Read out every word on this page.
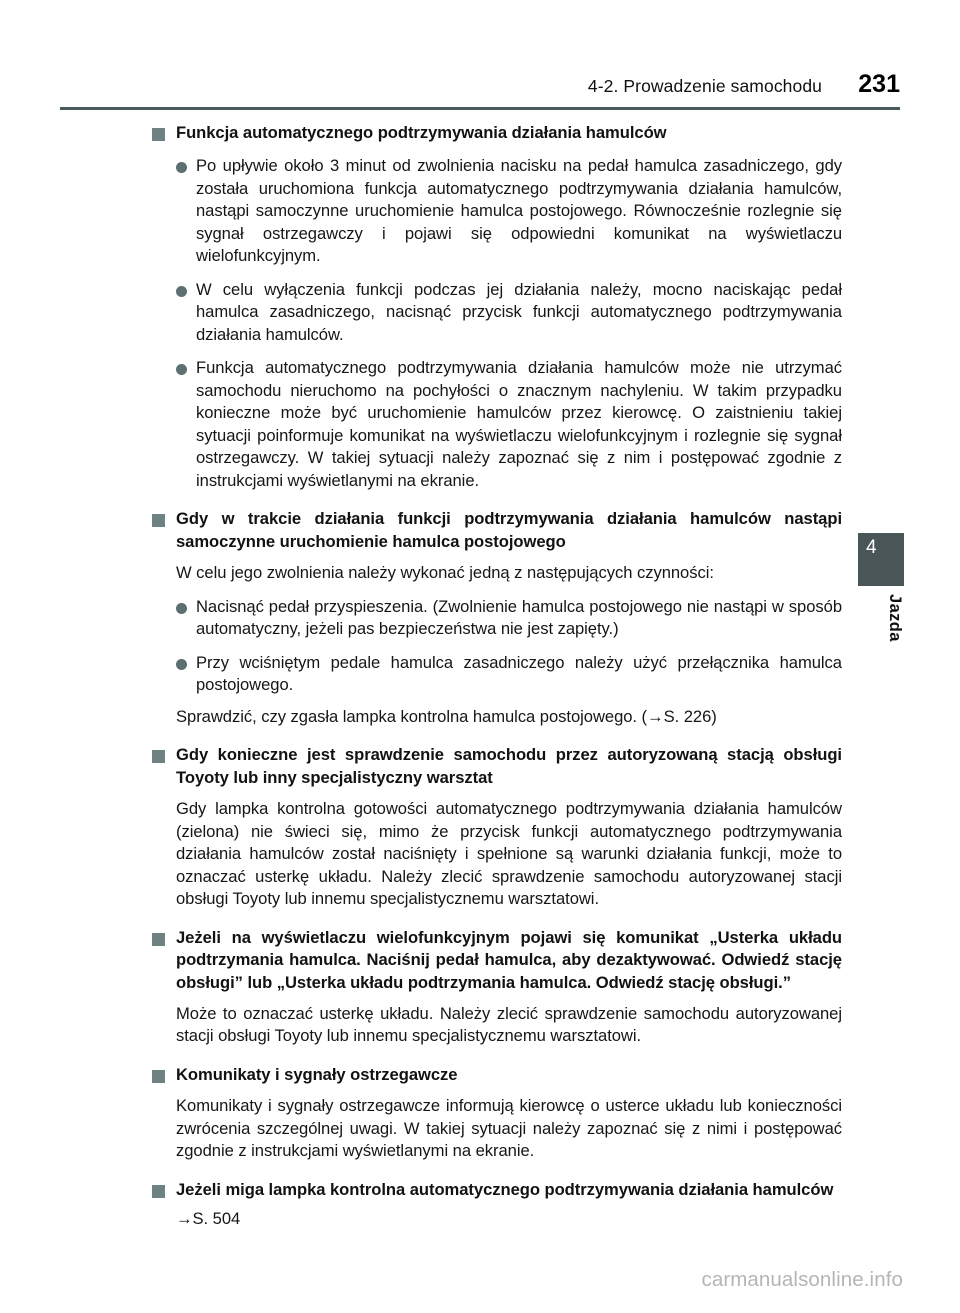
4-2. Prowadzenie samochodu	231
4
Jazda
Funkcja automatycznego podtrzymywania działania hamulców
Po upływie około 3 minut od zwolnienia nacisku na pedał hamulca zasadniczego, gdy została uruchomiona funkcja automatycznego podtrzymywania działania hamulców, nastąpi samoczynne uruchomienie hamulca postojowego. Równocześnie rozlegnie się sygnał ostrzegawczy i pojawi się odpowiedni komunikat na wyświetlaczu wielofunkcyjnym.
W celu wyłączenia funkcji podczas jej działania należy, mocno naciskając pedał hamulca zasadniczego, nacisnąć przycisk funkcji automatycznego podtrzymywania działania hamulców.
Funkcja automatycznego podtrzymywania działania hamulców może nie utrzymać samochodu nieruchomo na pochyłości o znacznym nachyleniu. W takim przypadku konieczne może być uruchomienie hamulców przez kierowcę. O zaistnieniu takiej sytuacji poinformuje komunikat na wyświetlaczu wielofunkcyjnym i rozlegnie się sygnał ostrzegawczy. W takiej sytuacji należy zapoznać się z nim i postępować zgodnie z instrukcjami wyświetlanymi na ekranie.
Gdy w trakcie działania funkcji podtrzymywania działania hamulców nastąpi samoczynne uruchomienie hamulca postojowego
W celu jego zwolnienia należy wykonać jedną z następujących czynności:
Nacisnąć pedał przyspieszenia. (Zwolnienie hamulca postojowego nie nastąpi w sposób automatyczny, jeżeli pas bezpieczeństwa nie jest zapięty.)
Przy wciśniętym pedale hamulca zasadniczego należy użyć przełącznika hamulca postojowego.
Sprawdzić, czy zgasła lampka kontrolna hamulca postojowego. (→S. 226)
Gdy konieczne jest sprawdzenie samochodu przez autoryzowaną stacją obsługi Toyoty lub inny specjalistyczny warsztat
Gdy lampka kontrolna gotowości automatycznego podtrzymywania działania hamulców (zielona) nie świeci się, mimo że przycisk funkcji automatycznego podtrzymywania działania hamulców został naciśnięty i spełnione są warunki działania funkcji, może to oznaczać usterkę układu. Należy zlecić sprawdzenie samochodu autoryzowanej stacji obsługi Toyoty lub innemu specjalistycznemu warsztatowi.
Jeżeli na wyświetlaczu wielofunkcyjnym pojawi się komunikat „Usterka układu podtrzymania hamulca. Naciśnij pedał hamulca, aby dezaktywować. Odwiedź stację obsługi” lub „Usterka układu podtrzymania hamulca. Odwiedź stację obsługi.”
Może to oznaczać usterkę układu. Należy zlecić sprawdzenie samochodu autoryzowanej stacji obsługi Toyoty lub innemu specjalistycznemu warsztatowi.
Komunikaty i sygnały ostrzegawcze
Komunikaty i sygnały ostrzegawcze informują kierowcę o usterce układu lub konieczności zwrócenia szczególnej uwagi. W takiej sytuacji należy zapoznać się z nimi i postępować zgodnie z instrukcjami wyświetlanymi na ekranie.
Jeżeli miga lampka kontrolna automatycznego podtrzymywania działania hamulców
→S. 504
carmanualsonline.info
